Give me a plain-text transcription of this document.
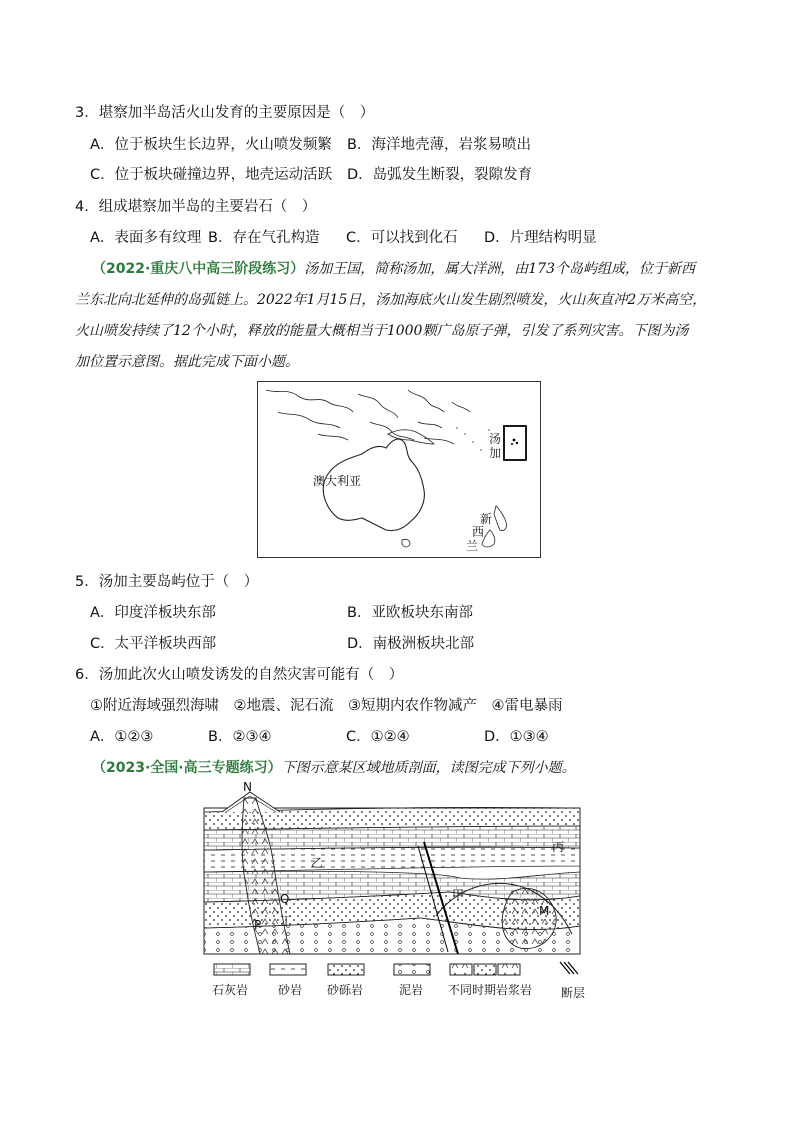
3．堪察加半岛活火山发育的主要原因是（　）
A．位于板块生长边界，火山喷发频繁 B．海洋地壳薄，岩浆易喷出
C．位于板块碰撞边界，地壳运动活跃 D．岛弧发生断裂，裂隙发育
4．组成堪察加半岛的主要岩石（　）
A．表面多有纹理 B．存在气孔构造 C．可以找到化石 D．片理结构明显
（2022·重庆八中高三阶段练习）汤加王国，简称汤加，属大洋洲，由173个岛屿组成，位于新西
兰东北向北延伸的岛弧链上。2022年1月15日，汤加海底火山发生剧烈喷发，火山灰直冲2万米高空，
火山喷发持续了12个小时，释放的能量大概相当于1000颗广岛原子弹，引发了系列灾害。下图为汤
加位置示意图。据此完成下面小题。
澳大利亚
汤
加
新
西
兰
5．汤加主要岛屿位于（　）
A．印度洋板块东部	B．亚欧板块东南部
C．太平洋板块西部	D．南极洲板块北部
6．汤加此次火山喷发诱发的自然灾害可能有（　）
①附近海域强烈海啸　②地震、泥石流　③短期内农作物减产　④雷电暴雨
A．①②③	B．②③④	C．①②④	D．①③④
（2023·全国·高三专题练习）下图示意某区域地质剖面，读图完成下列小题。
N
乙
丙
甲
丁
Q
P
M
石灰岩 砂岩 砂砾岩	泥岩 不同时期岩浆岩 断层
